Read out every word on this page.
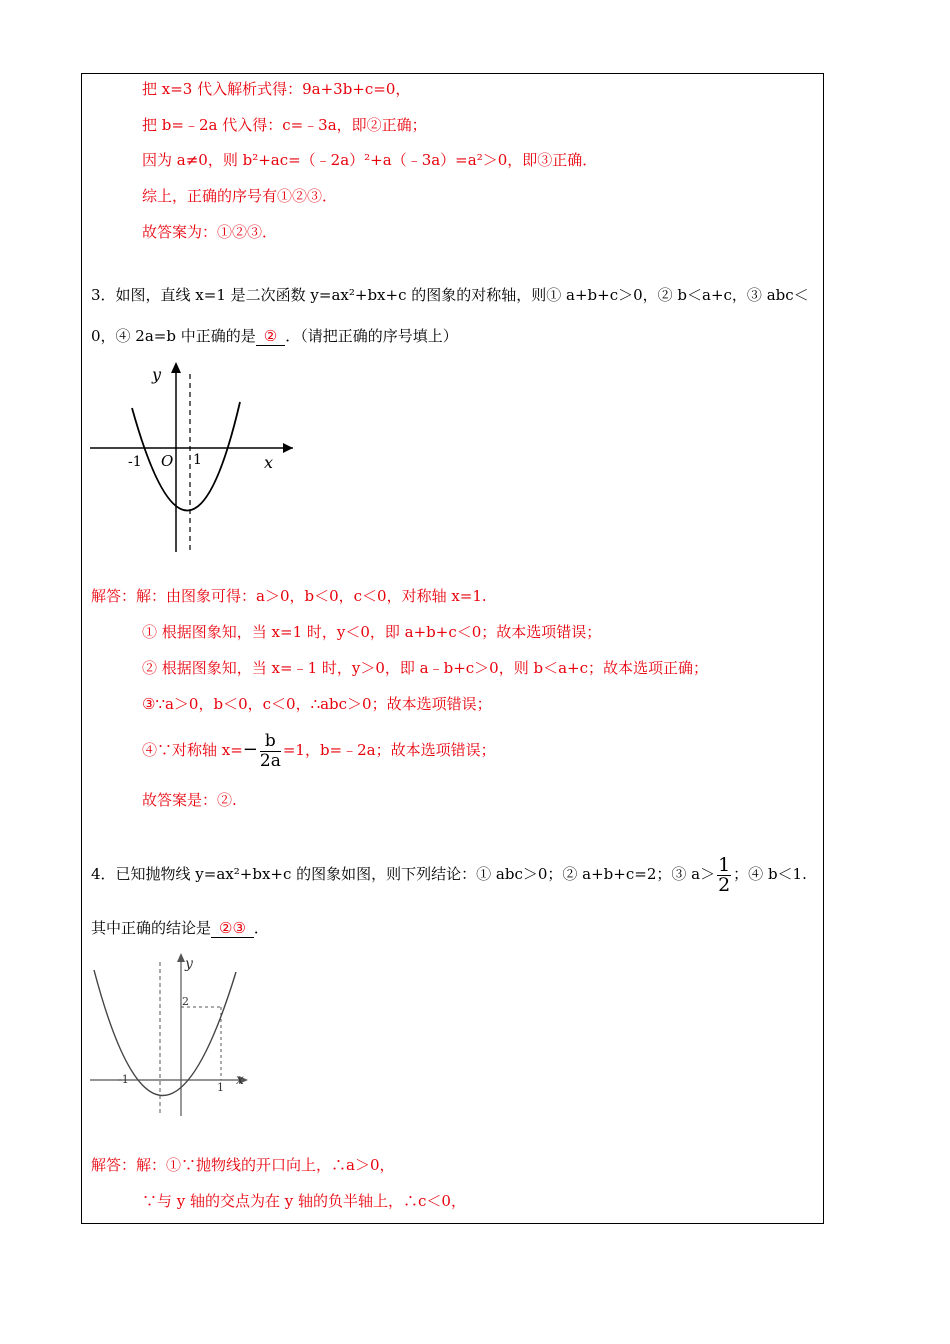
把 x=3 代入解析式得：9a+3b+c=0，
把 b=﹣2a 代入得：c=﹣3a，即②正确；
因为 a≠0，则 b²+ac=（﹣2a）²+a（﹣3a）=a²＞0，即③正确．
综上，正确的序号有①②③．
故答案为：①②③．
3．如图，直线 x=1 是二次函数 y=ax²+bx+c 的图象的对称轴，则① a+b+c＞0，② b＜a+c，③ abc＜
0，④ 2a=b 中正确的是 ② ．（请把正确的序号填上）
y
x
O
-1	1
解答：解：由图象可得：a＞0，b＜0，c＜0，对称轴 x=1.
① 根据图象知，当 x=1 时，y＜0，即 a+b+c＜0；故本选项错误；
② 根据图象知，当 x=﹣1 时，y＞0，即 a﹣b+c＞0，则 b＜a+c；故本选项正确；
③∵a＞0，b＜0，c＜0，∴abc＞0；故本选项错误；
④∵对称轴 $x=- \frac{b}{2a} =1$，b=﹣2a；故本选项错误；
故答案是：②.
4．已知抛物线 y=ax²+bx+c 的图象如图，则下列结论：① abc＞0；② a+b+c=2；③ $a> \frac{1}{2}$ ；④ b＜1.
其中正确的结论是 ②③ ．
y
x
-1
1
2
解答：解：①∵抛物线的开口向上，∴a＞0，
∵与 y 轴的交点为在 y 轴的负半轴上，∴c＜0，
